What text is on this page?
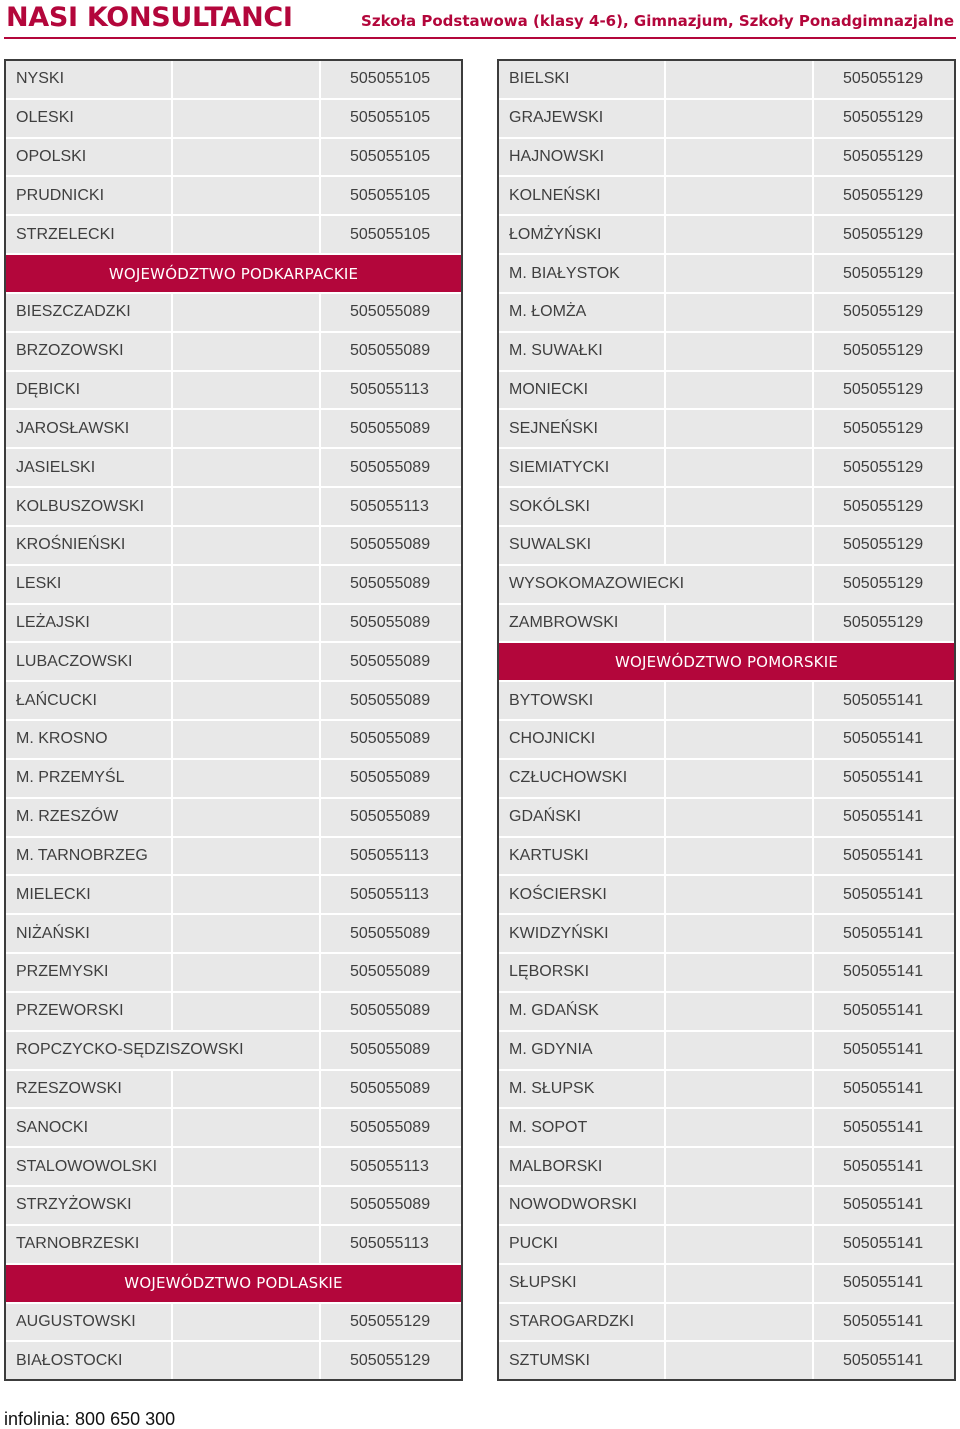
NASI KONSULTANCI	Szkoła Podstawowa (klasy 4-6), Gimnazjum, Szkoły Ponadgimnazjalne
NYSKI	505055105
OLESKI	505055105
OPOLSKI	505055105
PRUDNICKI	505055105
STRZELECKI	505055105
WOJEWÓDZTWO PODKARPACKIE
BIESZCZADZKI	505055089
BRZOZOWSKI	505055089
DĘBICKI	505055113
JAROSŁAWSKI	505055089
JASIELSKI	505055089
KOLBUSZOWSKI	505055113
KROŚNIEŃSKI	505055089
LESKI	505055089
LEŻAJSKI	505055089
LUBACZOWSKI	505055089
ŁAŃCUCKI	505055089
M. KROSNO	505055089
M. PRZEMYŚL	505055089
M. RZESZÓW	505055089
M. TARNOBRZEG	505055113
MIELECKI	505055113
NIŻAŃSKI	505055089
PRZEMYSKI	505055089
PRZEWORSKI	505055089
ROPCZYCKO-SĘDZISZOWSKI	505055089
RZESZOWSKI	505055089
SANOCKI	505055089
STALOWOWOLSKI	505055113
STRZYŻOWSKI	505055089
TARNOBRZESKI	505055113
WOJEWÓDZTWO PODLASKIE
AUGUSTOWSKI	505055129
BIAŁOSTOCKI	505055129
BIELSKI	505055129
GRAJEWSKI	505055129
HAJNOWSKI	505055129
KOLNEŃSKI	505055129
ŁOMŻYŃSKI	505055129
M. BIAŁYSTOK	505055129
M. ŁOMŻA	505055129
M. SUWAŁKI	505055129
MONIECKI	505055129
SEJNEŃSKI	505055129
SIEMIATYCKI	505055129
SOKÓLSKI	505055129
SUWALSKI	505055129
WYSOKOMAZOWIECKI	505055129
ZAMBROWSKI	505055129
WOJEWÓDZTWO POMORSKIE
BYTOWSKI	505055141
CHOJNICKI	505055141
CZŁUCHOWSKI	505055141
GDAŃSKI	505055141
KARTUSKI	505055141
KOŚCIERSKI	505055141
KWIDZYŃSKI	505055141
LĘBORSKI	505055141
M. GDAŃSK	505055141
M. GDYNIA	505055141
M. SŁUPSK	505055141
M. SOPOT	505055141
MALBORSKI	505055141
NOWODWORSKI	505055141
PUCKI	505055141
SŁUPSKI	505055141
STAROGARDZKI	505055141
SZTUMSKI	505055141
infolinia: 800 650 300
